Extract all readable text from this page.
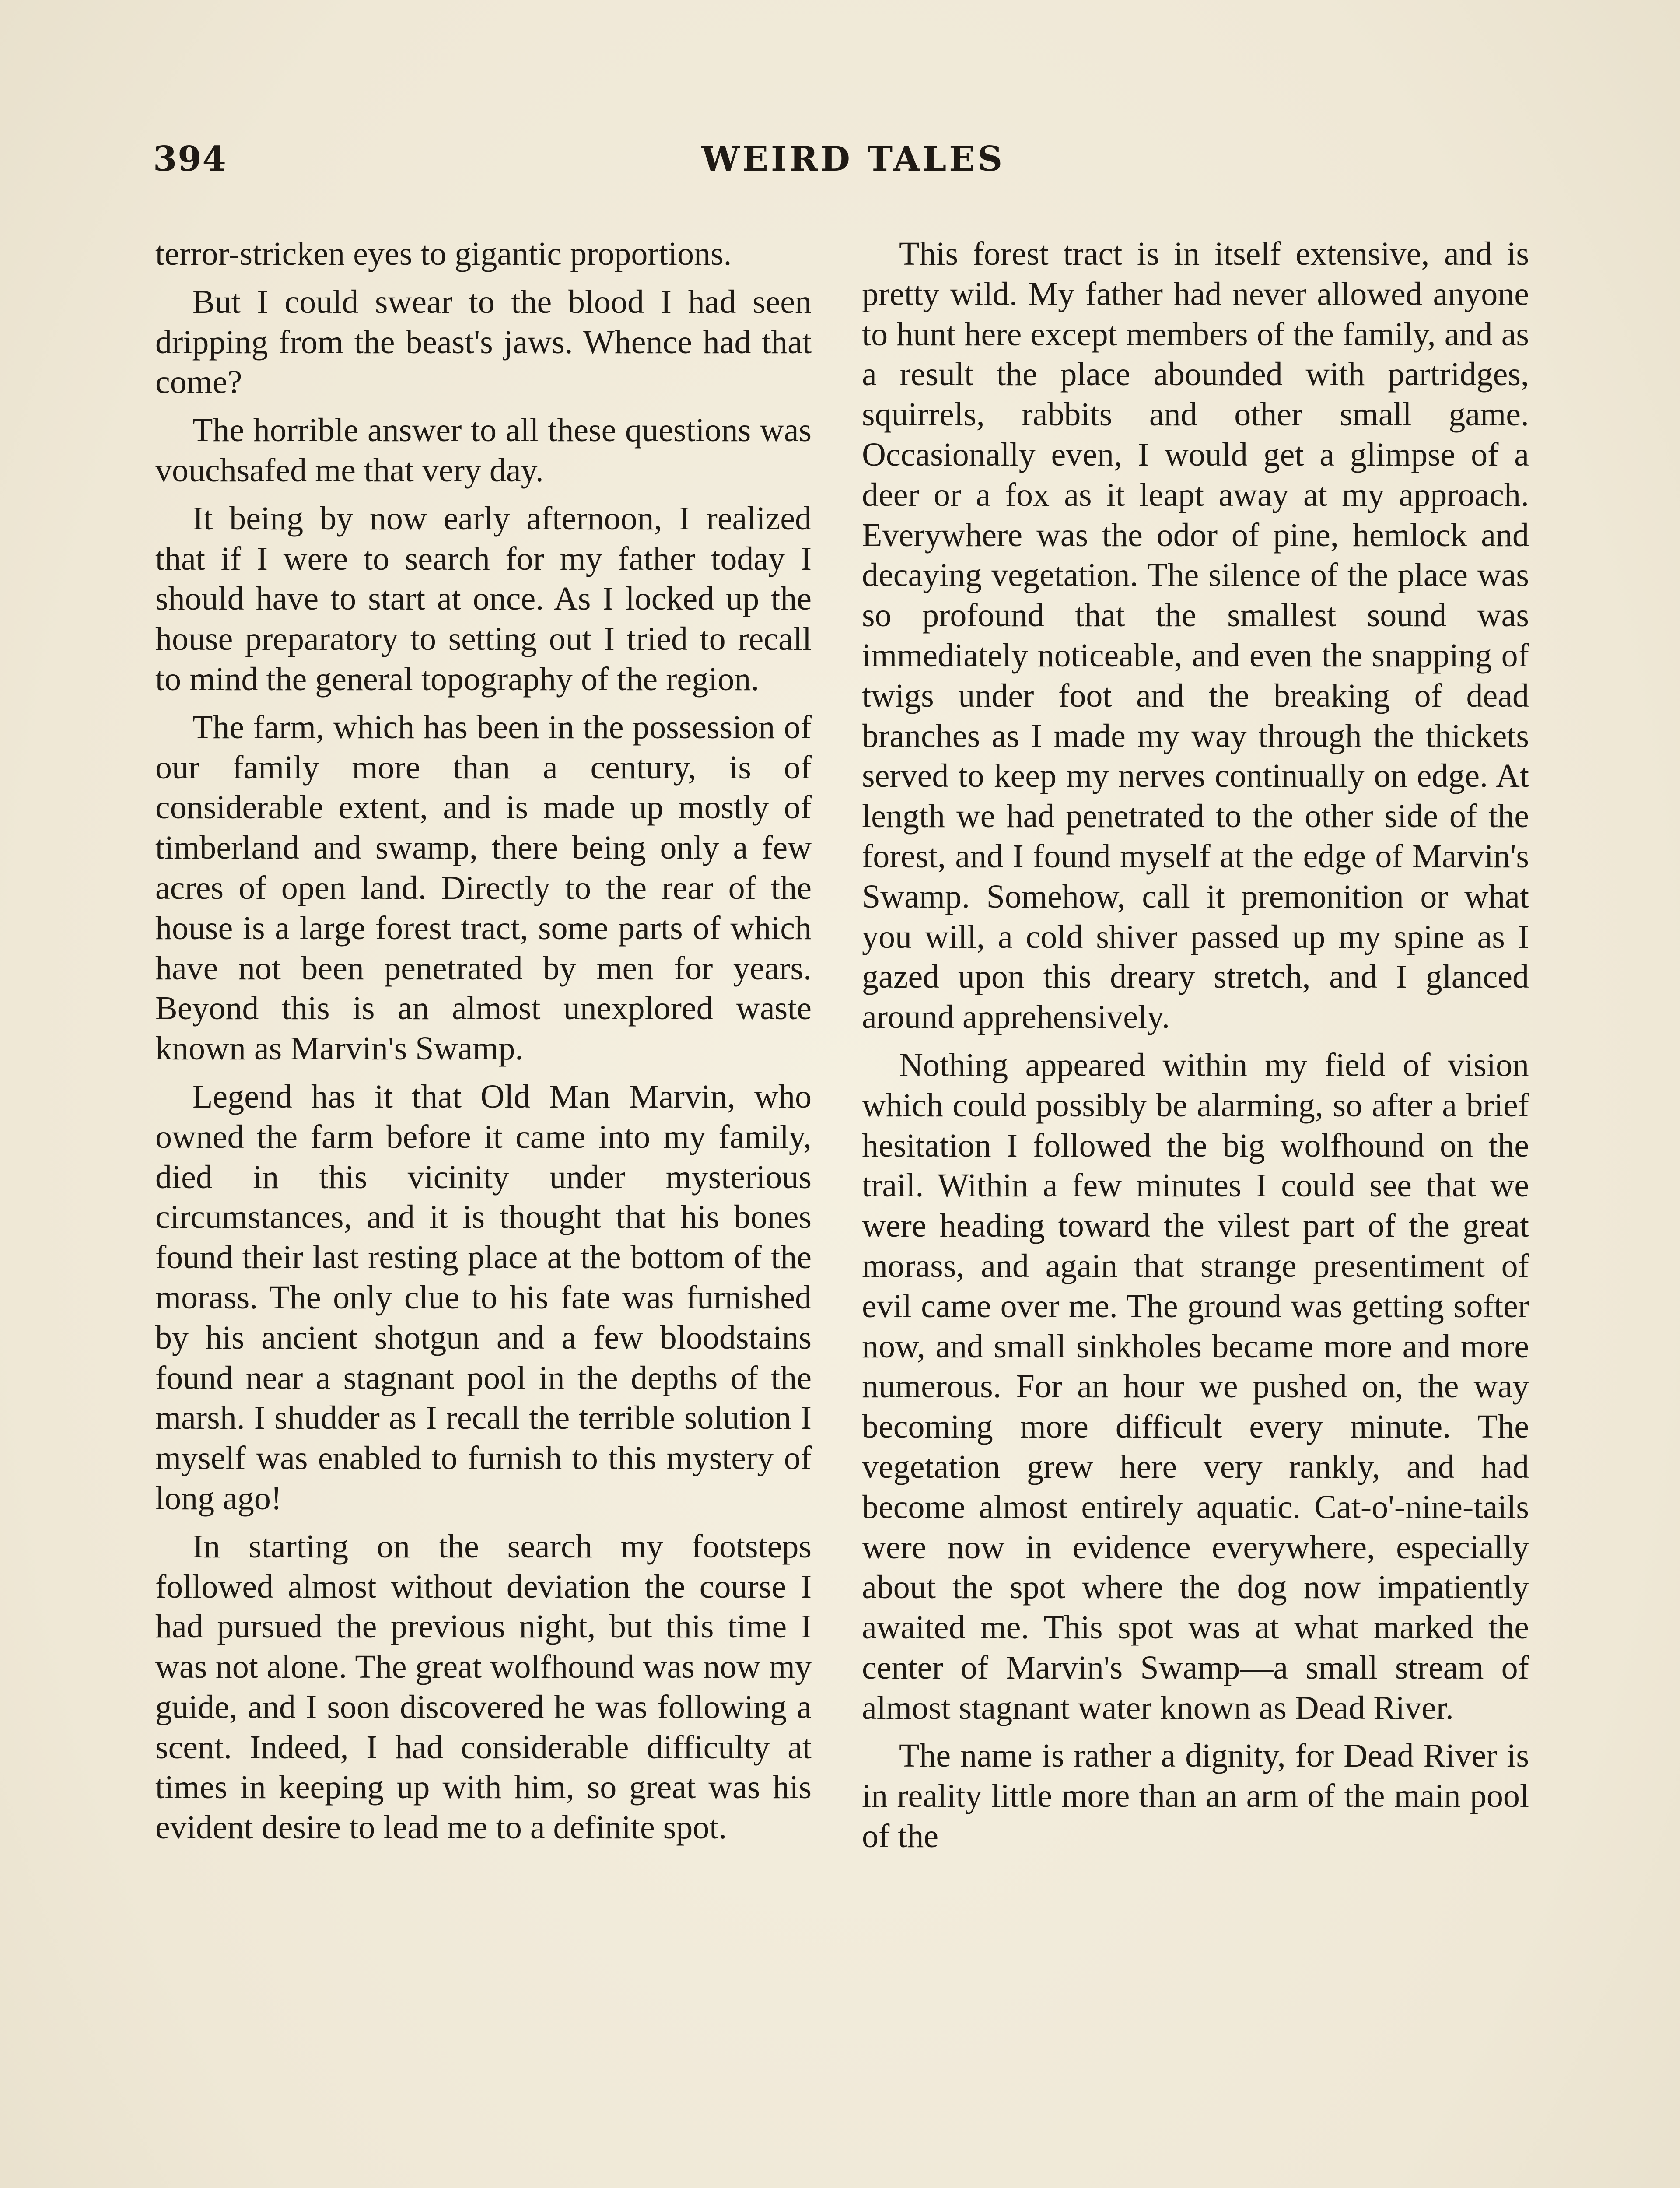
394	WEIRD TALES

terror-stricken eyes to gigantic proportions.

But I could swear to the blood I had seen dripping from the beast's jaws. Whence had that come?

The horrible answer to all these questions was vouchsafed me that very day.

It being by now early afternoon, I realized that if I were to search for my father today I should have to start at once. As I locked up the house preparatory to setting out I tried to recall to mind the general topography of the region.

The farm, which has been in the possession of our family more than a century, is of considerable extent, and is made up mostly of timberland and swamp, there being only a few acres of open land. Directly to the rear of the house is a large forest tract, some parts of which have not been penetrated by men for years. Beyond this is an almost unexplored waste known as Marvin's Swamp.

Legend has it that Old Man Marvin, who owned the farm before it came into my family, died in this vicinity under mysterious circumstances, and it is thought that his bones found their last resting place at the bottom of the morass. The only clue to his fate was furnished by his ancient shotgun and a few bloodstains found near a stagnant pool in the depths of the marsh. I shudder as I recall the terrible solution I myself was enabled to furnish to this mystery of long ago!

In starting on the search my footsteps followed almost without deviation the course I had pursued the previous night, but this time I was not alone. The great wolfhound was now my guide, and I soon discovered he was following a scent. Indeed, I had considerable difficulty at times in keeping up with him, so great was his evident desire to lead me to a definite spot.

This forest tract is in itself extensive, and is pretty wild. My father had never allowed anyone to hunt here except members of the family, and as a result the place abounded with partridges, squirrels, rabbits and other small game. Occasionally even, I would get a glimpse of a deer or a fox as it leapt away at my approach. Everywhere was the odor of pine, hemlock and decaying vegetation. The silence of the place was so profound that the smallest sound was immediately noticeable, and even the snapping of twigs under foot and the breaking of dead branches as I made my way through the thickets served to keep my nerves continually on edge. At length we had penetrated to the other side of the forest, and I found myself at the edge of Marvin's Swamp. Somehow, call it premonition or what you will, a cold shiver passed up my spine as I gazed upon this dreary stretch, and I glanced around apprehensively.

Nothing appeared within my field of vision which could possibly be alarming, so after a brief hesitation I followed the big wolfhound on the trail. Within a few minutes I could see that we were heading toward the vilest part of the great morass, and again that strange presentiment of evil came over me. The ground was getting softer now, and small sinkholes became more and more numerous. For an hour we pushed on, the way becoming more difficult every minute. The vegetation grew here very rankly, and had become almost entirely aquatic. Cat-o'-nine-tails were now in evidence everywhere, especially about the spot where the dog now impatiently awaited me. This spot was at what marked the center of Marvin's Swamp—a small stream of almost stagnant water known as Dead River.

The name is rather a dignity, for Dead River is in reality little more than an arm of the main pool of the
